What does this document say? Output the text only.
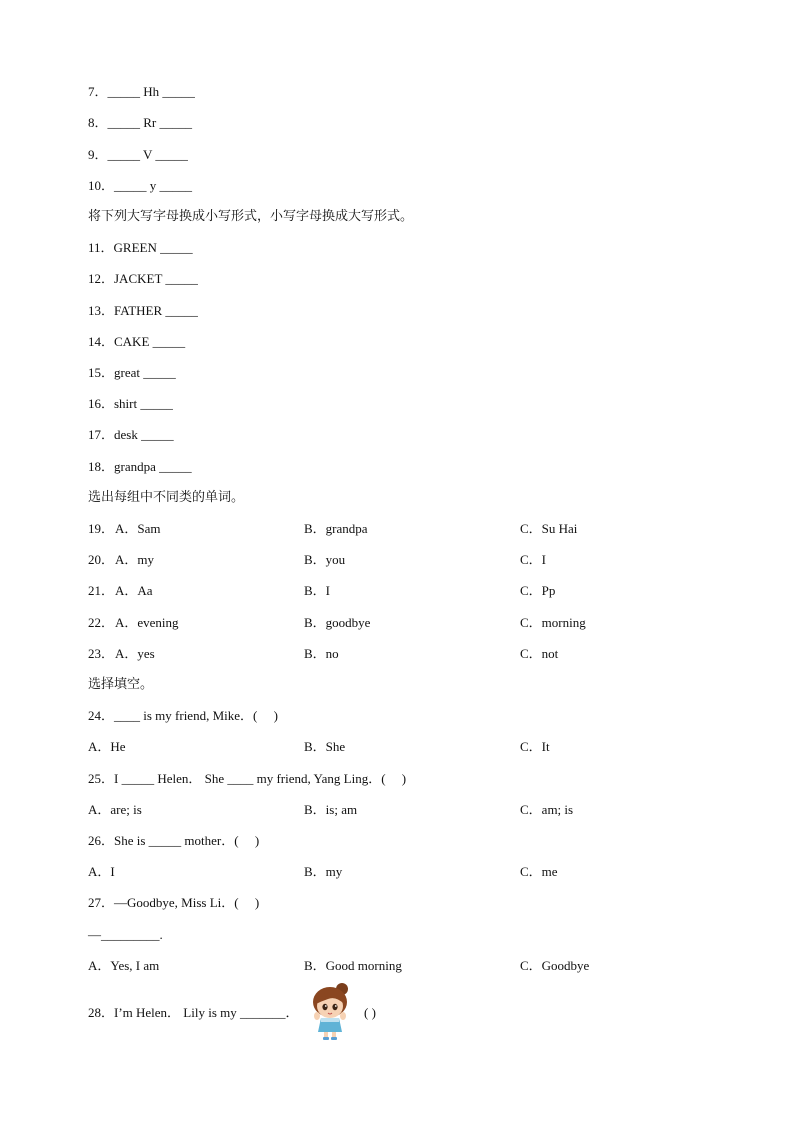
7．_____ Hh _____
8．_____ Rr _____
9．_____ V _____
10．_____ y _____
将下列大写字母换成小写形式，小写字母换成大写形式。
11．GREEN _____
12．JACKET _____
13．FATHER _____
14．CAKE _____
15．great _____
16．shirt _____
17．desk _____
18．grandpa _____
选出每组中不同类的单词。
19． A．Sam	B．grandpa	C．Su Hai
20． A．my	B．you	C．I
21． A．Aa	B．I	C．Pp
22． A．evening	B．goodbye	C．morning
23． A．yes	B．no	C．not
选择填空。
24．____ is my friend, Mike．(　 )
A．He	B．She	C．It
25．I _____ Helen． She ____ my friend, Yang Ling．(　 )
A．are; is	B．is; am	C．am; is
26．She is _____ mother．(　 )
A．I	B．my	C．me
27．—Goodbye, Miss Li．(　 )
—_________.
A．Yes, I am	B．Good morning	C．Goodbye
28．I’m Helen． Lily is my _______．	( )
